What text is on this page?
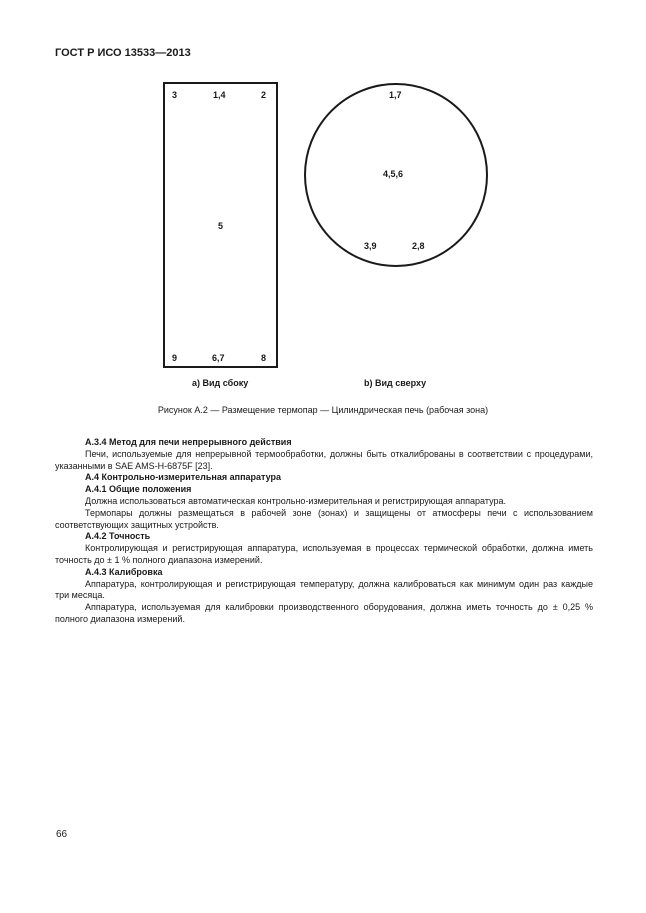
ГОСТ Р ИСО 13533—2013
3	1,4	2
5
9	6,7	8
a) Вид сбоку
1,7
4,5,6
3,9	2,8
b) Вид сверху
Рисунок A.2 — Размещение термопар — Цилиндрическая печь (рабочая зона)

A.3.4 Метод для печи непрерывного действия

Печи, используемые для непрерывной термообработки, должны быть откалиброваны в соответствии с процедурами, указанными в SAE AMS-H-6875F [23].

A.4 Контрольно-измерительная аппаратура

A.4.1 Общие положения

Должна использоваться автоматическая контрольно-измерительная и регистрирующая аппаратура.

Термопары должны размещаться в рабочей зоне (зонах) и защищены от атмосферы печи с использованием соответствующих защитных устройств.

A.4.2 Точность

Контролирующая и регистрирующая аппаратура, используемая в процессах термической обработки, должна иметь точность до ± 1 % полного диапазона измерений.

A.4.3 Калибровка

Аппаратура, контролирующая и регистрирующая температуру, должна калиброваться как минимум один раз каждые три месяца.

Аппаратура, используемая для калибровки производственного оборудования, должна иметь точность до ± 0,25 % полного диапазона измерений.

66
